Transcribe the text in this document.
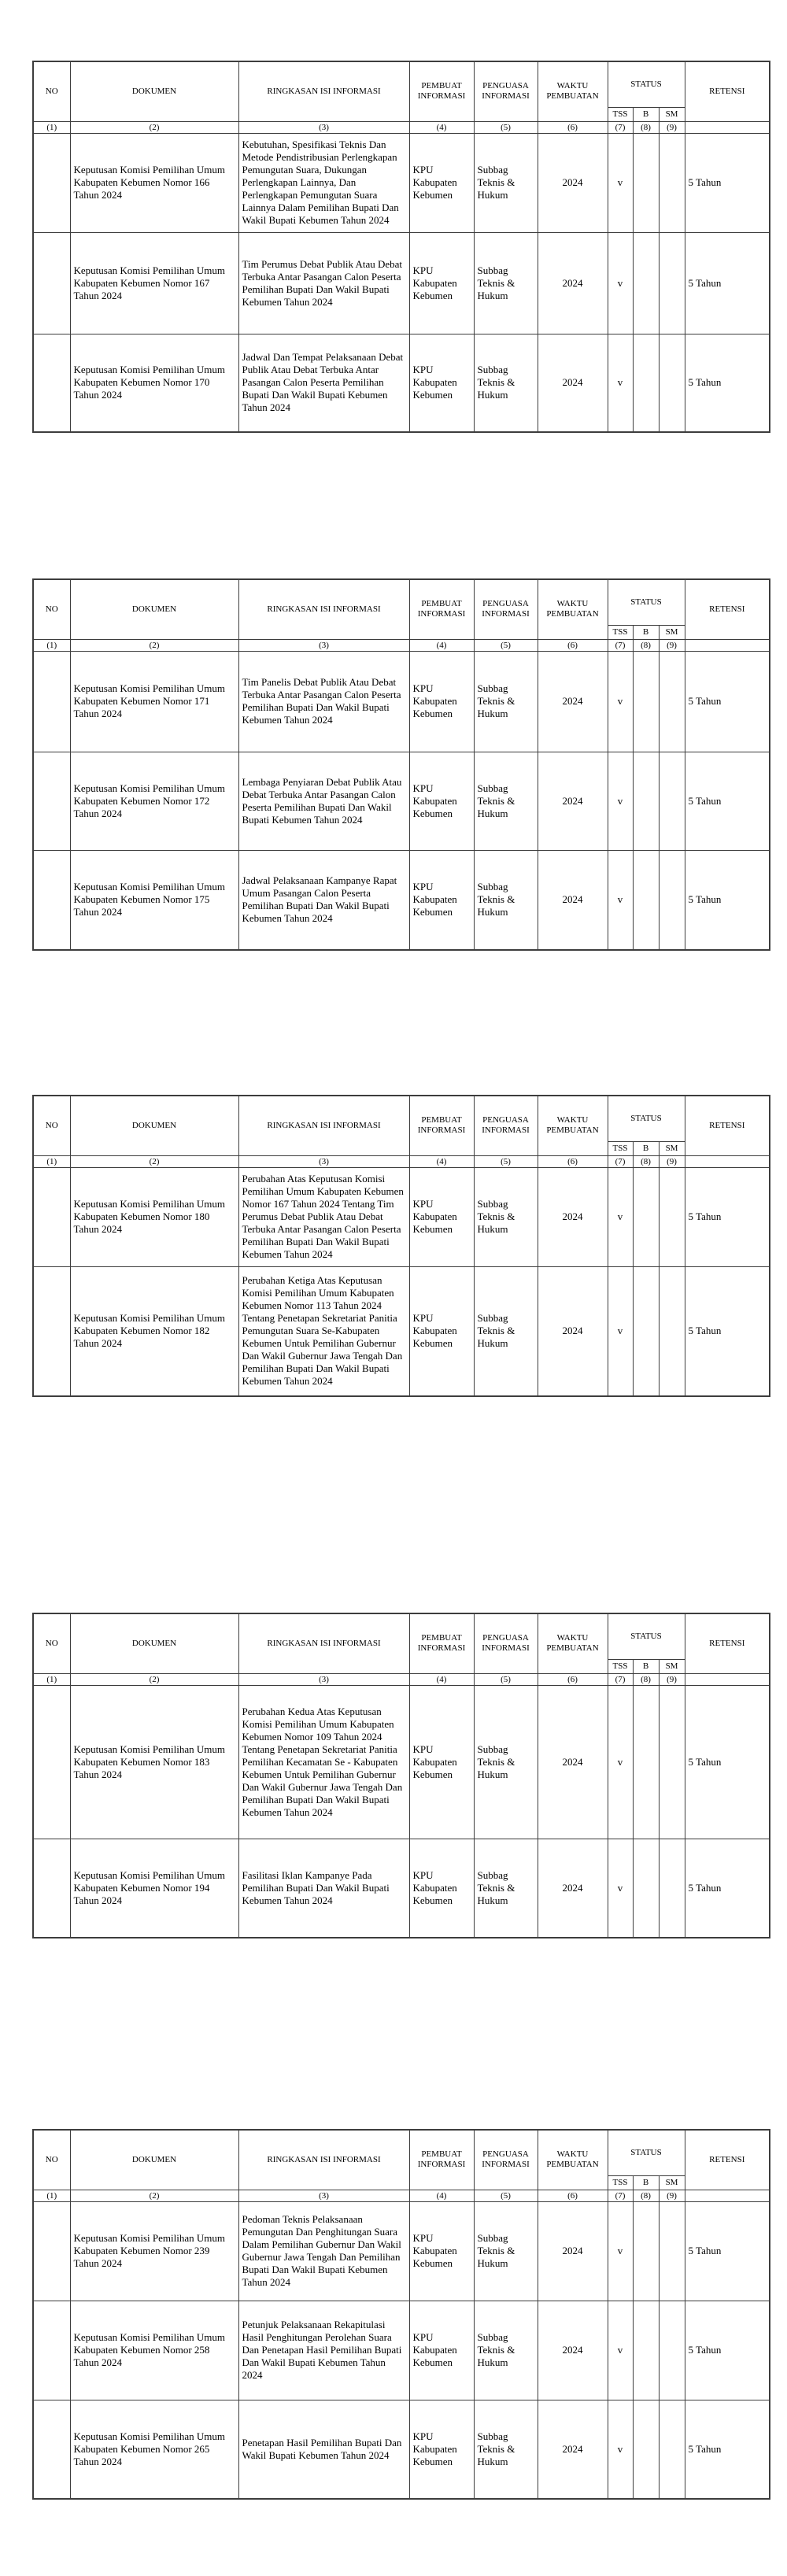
NO	DOKUMEN	RINGKASAN ISI INFORMASI	PEMBUAT INFORMASI	PENGUASA INFORMASI	WAKTU PEMBUATAN	STATUS			RETENSI
						TSS	B	SM	
(1)	(2)	(3)	(4)	(5)	(6)	(7)	(8)	(9)	
	Keputusan Komisi Pemilihan Umum Kabupaten Kebumen Nomor 166 Tahun 2024	Kebutuhan, Spesifikasi Teknis Dan Metode Pendistribusian Perlengkapan Pemungutan Suara, Dukungan Perlengkapan Lainnya, Dan Perlengkapan Pemungutan Suara Lainnya Dalam Pemilihan Bupati Dan Wakil Bupati Kebumen Tahun 2024	KPU Kabupaten Kebumen	Subbag Teknis & Hukum	2024	v			5 Tahun
	Keputusan Komisi Pemilihan Umum Kabupaten Kebumen Nomor 167 Tahun 2024	Tim Perumus Debat Publik Atau Debat Terbuka Antar Pasangan Calon Peserta Pemilihan Bupati Dan Wakil Bupati Kebumen Tahun 2024	KPU Kabupaten Kebumen	Subbag Teknis & Hukum	2024	v			5 Tahun
	Keputusan Komisi Pemilihan Umum Kabupaten Kebumen Nomor 170 Tahun 2024	Jadwal Dan Tempat Pelaksanaan Debat Publik Atau Debat Terbuka Antar Pasangan Calon Peserta Pemilihan Bupati Dan Wakil Bupati Kebumen Tahun 2024	KPU Kabupaten Kebumen	Subbag Teknis & Hukum	2024	v			5 Tahun
NO	DOKUMEN	RINGKASAN ISI INFORMASI	PEMBUAT INFORMASI	PENGUASA INFORMASI	WAKTU PEMBUATAN	STATUS			RETENSI
						TSS	B	SM	
(1)	(2)	(3)	(4)	(5)	(6)	(7)	(8)	(9)	
	Keputusan Komisi Pemilihan Umum Kabupaten Kebumen Nomor 171 Tahun 2024	Tim Panelis Debat Publik Atau Debat Terbuka Antar Pasangan Calon Peserta Pemilihan Bupati Dan Wakil Bupati Kebumen Tahun 2024	KPU Kabupaten Kebumen	Subbag Teknis & Hukum	2024	v			5 Tahun
	Keputusan Komisi Pemilihan Umum Kabupaten Kebumen Nomor 172 Tahun 2024	Lembaga Penyiaran Debat Publik Atau Debat Terbuka Antar Pasangan Calon Peserta Pemilihan Bupati Dan Wakil Bupati Kebumen Tahun 2024	KPU Kabupaten Kebumen	Subbag Teknis & Hukum	2024	v			5 Tahun
	Keputusan Komisi Pemilihan Umum Kabupaten Kebumen Nomor 175 Tahun 2024	Jadwal Pelaksanaan Kampanye Rapat Umum Pasangan Calon Peserta Pemilihan Bupati Dan Wakil Bupati Kebumen Tahun 2024	KPU Kabupaten Kebumen	Subbag Teknis & Hukum	2024	v			5 Tahun
NO	DOKUMEN	RINGKASAN ISI INFORMASI	PEMBUAT INFORMASI	PENGUASA INFORMASI	WAKTU PEMBUATAN	STATUS			RETENSI
						TSS	B	SM	
(1)	(2)	(3)	(4)	(5)	(6)	(7)	(8)	(9)	
	Keputusan Komisi Pemilihan Umum Kabupaten Kebumen Nomor 180 Tahun 2024	Perubahan Atas Keputusan Komisi Pemilihan Umum Kabupaten Kebumen Nomor 167 Tahun 2024 Tentang Tim Perumus Debat Publik Atau Debat Terbuka Antar Pasangan Calon Peserta Pemilihan Bupati Dan Wakil Bupati Kebumen Tahun 2024	KPU Kabupaten Kebumen	Subbag Teknis & Hukum	2024	v			5 Tahun
	Keputusan Komisi Pemilihan Umum Kabupaten Kebumen Nomor 182 Tahun 2024	Perubahan Ketiga Atas Keputusan Komisi Pemilihan Umum Kabupaten Kebumen Nomor 113 Tahun 2024 Tentang Penetapan Sekretariat Panitia Pemungutan Suara Se-Kabupaten Kebumen Untuk Pemilihan Gubernur Dan Wakil Gubernur Jawa Tengah Dan Pemilihan Bupati Dan Wakil Bupati Kebumen Tahun 2024	KPU Kabupaten Kebumen	Subbag Teknis & Hukum	2024	v			5 Tahun
NO	DOKUMEN	RINGKASAN ISI INFORMASI	PEMBUAT INFORMASI	PENGUASA INFORMASI	WAKTU PEMBUATAN	STATUS			RETENSI
						TSS	B	SM	
(1)	(2)	(3)	(4)	(5)	(6)	(7)	(8)	(9)	
	Keputusan Komisi Pemilihan Umum Kabupaten Kebumen Nomor 183 Tahun 2024	Perubahan Kedua Atas Keputusan Komisi Pemilihan Umum Kabupaten Kebumen Nomor 109 Tahun 2024 Tentang Penetapan Sekretariat Panitia Pemilihan Kecamatan Se - Kabupaten Kebumen Untuk Pemilihan Gubernur Dan Wakil Gubernur Jawa Tengah Dan Pemilihan Bupati Dan Wakil Bupati Kebumen Tahun 2024	KPU Kabupaten Kebumen	Subbag Teknis & Hukum	2024	v			5 Tahun
	Keputusan Komisi Pemilihan Umum Kabupaten Kebumen Nomor 194 Tahun 2024	Fasilitasi Iklan Kampanye Pada Pemilihan Bupati Dan Wakil Bupati Kebumen Tahun 2024	KPU Kabupaten Kebumen	Subbag Teknis & Hukum	2024	v			5 Tahun
NO	DOKUMEN	RINGKASAN ISI INFORMASI	PEMBUAT INFORMASI	PENGUASA INFORMASI	WAKTU PEMBUATAN	STATUS			RETENSI
						TSS	B	SM	
(1)	(2)	(3)	(4)	(5)	(6)	(7)	(8)	(9)	
	Keputusan Komisi Pemilihan Umum Kabupaten Kebumen Nomor 239 Tahun 2024	Pedoman Teknis Pelaksanaan Pemungutan Dan Penghitungan Suara Dalam Pemilihan Gubernur Dan Wakil Gubernur Jawa Tengah Dan Pemilihan Bupati Dan Wakil Bupati Kebumen Tahun 2024	KPU Kabupaten Kebumen	Subbag Teknis & Hukum	2024	v			5 Tahun
	Keputusan Komisi Pemilihan Umum Kabupaten Kebumen Nomor 258 Tahun 2024	Petunjuk Pelaksanaan Rekapitulasi Hasil Penghitungan Perolehan Suara Dan Penetapan Hasil Pemilihan Bupati Dan Wakil Bupati Kebumen Tahun 2024	KPU Kabupaten Kebumen	Subbag Teknis & Hukum	2024	v			5 Tahun
	Keputusan Komisi Pemilihan Umum Kabupaten Kebumen Nomor 265 Tahun 2024	Penetapan Hasil Pemilihan Bupati Dan Wakil Bupati Kebumen Tahun 2024	KPU Kabupaten Kebumen	Subbag Teknis & Hukum	2024	v			5 Tahun
